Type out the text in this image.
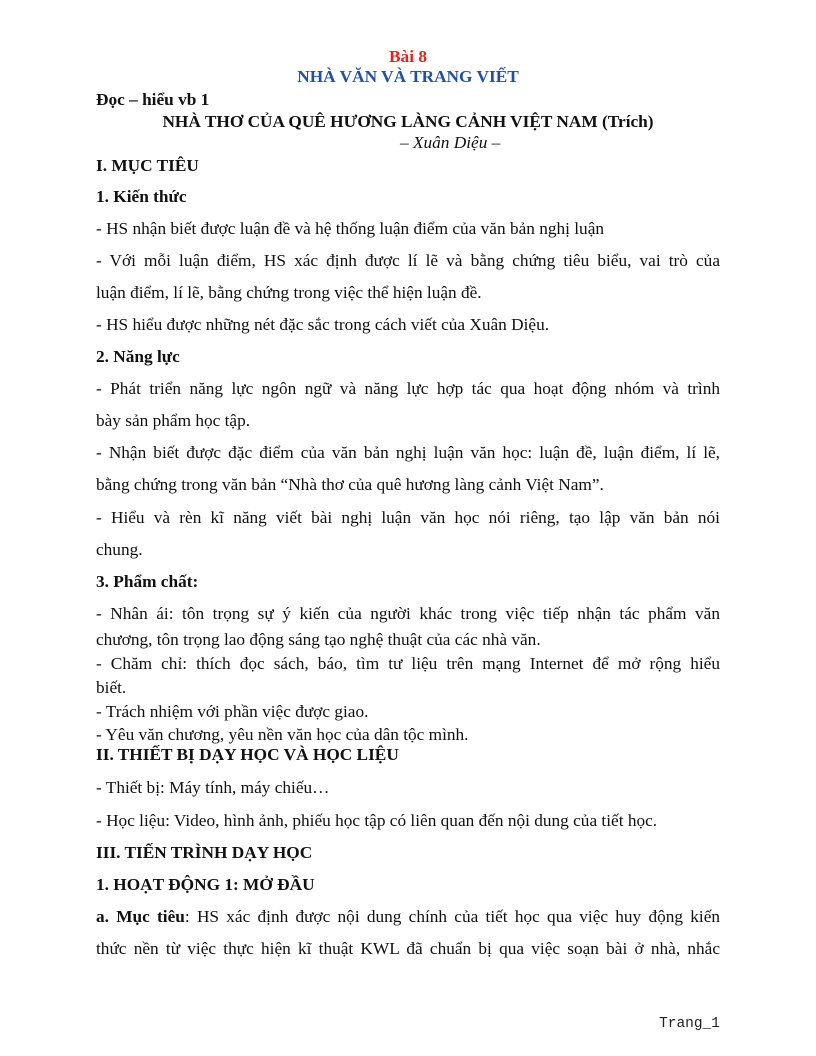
Bài 8
NHÀ VĂN VÀ TRANG VIẾT
Đọc – hiểu vb 1
NHÀ THƠ CỦA QUÊ HƯƠNG LÀNG CẢNH VIỆT NAM (Trích)
– Xuân Diệu –
I. MỤC TIÊU
1. Kiến thức
- HS nhận biết được luận đề và hệ thống luận điểm của văn bản nghị luận
- Với mỗi luận điểm, HS xác định được lí lẽ và bằng chứng tiêu biểu, vai trò của
luận điểm, lí lẽ, bằng chứng trong việc thể hiện luận đề.
- HS hiểu được những nét đặc sắc trong cách viết của Xuân Diệu.
2. Năng lực
- Phát triển năng lực ngôn ngữ và năng lực hợp tác qua hoạt động nhóm và trình
bày sản phẩm học tập.
- Nhận biết được đặc điểm của văn bản nghị luận văn học: luận đề, luận điểm, lí lẽ,
bằng chứng trong văn bản “Nhà thơ của quê hương làng cảnh Việt Nam”.
- Hiểu và rèn kĩ năng viết bài nghị luận văn học nói riêng, tạo lập văn bản nói
chung.
3. Phẩm chất:
- Nhân ái: tôn trọng sự ý kiến của người khác trong việc tiếp nhận tác phẩm văn
chương, tôn trọng lao động sáng tạo nghệ thuật của các nhà văn.
- Chăm chỉ: thích đọc sách, báo, tìm tư liệu trên mạng Internet để mở rộng hiểu
biết.
- Trách nhiệm với phần việc được giao.
- Yêu văn chương, yêu nền văn học của dân tộc mình.
II. THIẾT BỊ DẠY HỌC VÀ HỌC LIỆU
- Thiết bị: Máy tính, máy chiếu…
- Học liệu: Video, hình ảnh, phiếu học tập có liên quan đến nội dung của tiết học.
III. TIẾN TRÌNH DẠY HỌC
1. HOẠT ĐỘNG 1: MỞ ĐẦU
a. Mục tiêu: HS xác định được nội dung chính của tiết học qua việc huy động kiến
thức nền từ việc thực hiện kĩ thuật KWL đã chuẩn bị qua việc soạn bài ở nhà, nhắc
Trang_1
